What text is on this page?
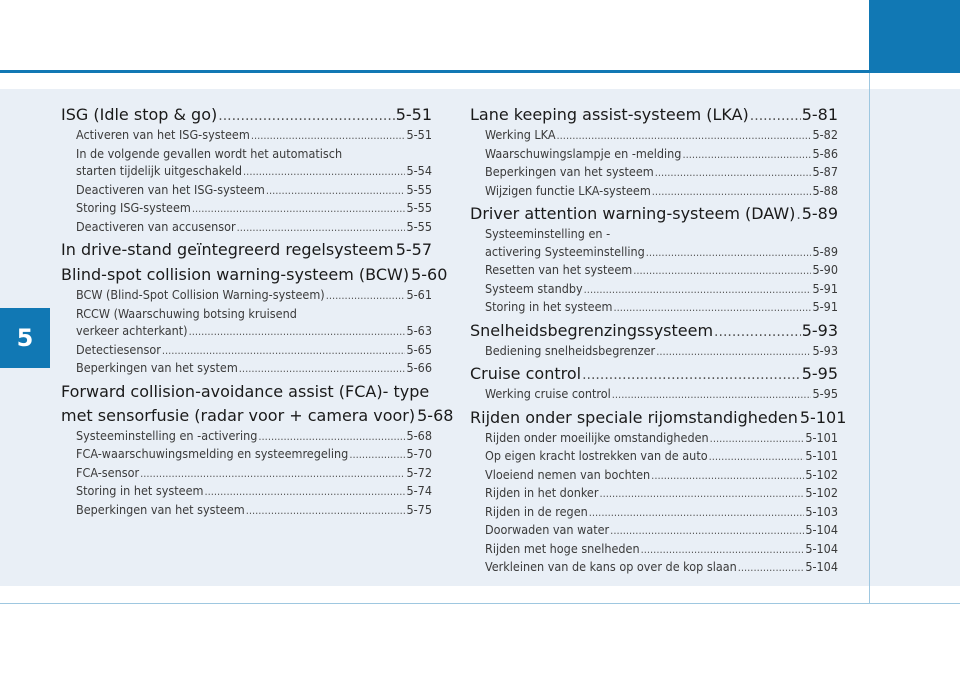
5
ISG (Idle stop & go) .....	5-51
Activeren van het ISG-systeem .....	5-51
In de volgende gevallen wordt het automatisch
starten tijdelijk uitgeschakeld .....	5-54
Deactiveren van het ISG-systeem .....	5-55
Storing ISG-systeem .....	5-55
Deactiveren van accusensor .....	5-55
In drive-stand geïntegreerd regelsysteem ..... 5-57
Blind-spot collision warning-systeem (BCW) 5-60
BCW (Blind-Spot Collision Warning-systeem) .....	5-61
RCCW (Waarschuwing botsing kruisend
verkeer achterkant) .....	5-63
Detectiesensor .....	5-65
Beperkingen van het system .....	5-66
Forward collision-avoidance assist (FCA)- type
met sensorfusie (radar voor + camera voor) 5-68
Systeeminstelling en -activering .....	5-68
FCA-waarschuwingsmelding en systeemregeling .....	5-70
FCA-sensor .....	5-72
Storing in het systeem .....	5-74
Beperkingen van het systeem .....	5-75
Lane keeping assist-systeem (LKA) .....	5-81
Werking LKA .....	5-82
Waarschuwingslampje en -melding .....	5-86
Beperkingen van het systeem .....	5-87
Wijzigen functie LKA-systeem .....	5-88
Driver attention warning-systeem (DAW) ..... 5-89
Systeeminstelling en -
activering Systeeminstelling .....	5-89
Resetten van het systeem .....	5-90
Systeem standby .....	5-91
Storing in het systeem .....	5-91
Snelheidsbegrenzingssysteem .....	5-93
Bediening snelheidsbegrenzer .....	5-93
Cruise control .....	5-95
Werking cruise control .....	5-95
Rijden onder speciale rijomstandigheden 5-101
Rijden onder moeilijke omstandigheden .....	5-101
Op eigen kracht lostrekken van de auto .....	5-101
Vloeiend nemen van bochten .....	5-102
Rijden in het donker .....	5-102
Rijden in de regen .....	5-103
Doorwaden van water .....	5-104
Rijden met hoge snelheden .....	5-104
Verkleinen van de kans op over de kop slaan .....	5-104
